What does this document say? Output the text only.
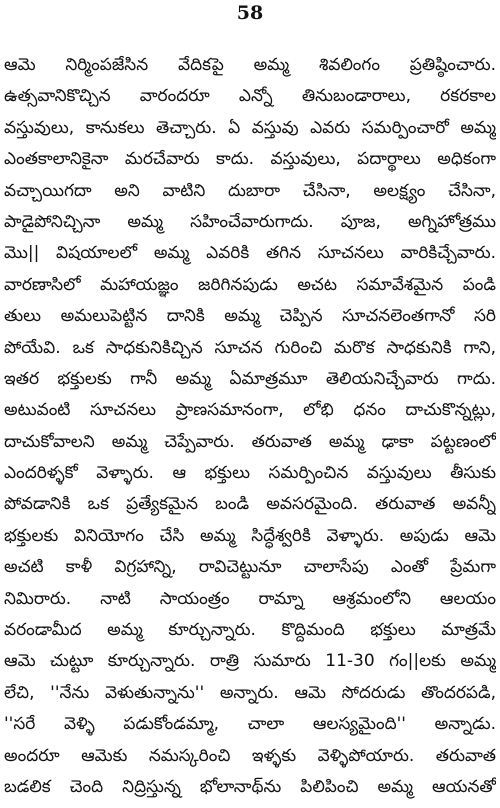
58
ఆమె నిర్మింపజేసిన వేదికపై అమ్మ శివలింగం ప్రతిష్ఠించారు.
ఉత్సవానికొచ్చిన వారందరూ ఎన్నో తినుబండారాలు, రకరకాల
వస్తువులు, కానుకలు తెచ్చారు. ఏ వస్తువు ఎవరు సమర్పించారో అమ్మ
ఎంతకాలానికైనా మరచేవారు కాదు. వస్తువులు, పదార్థాలు అధికంగా
వచ్చాయిగదా అని వాటిని దుబారా చేసినా, అలక్ష్యం చేసినా,
పాడైపోనిచ్చినా అమ్మ సహించేవారుగాదు. పూజ, అగ్నిహోత్రము
మొ|| విషయాలలో అమ్మ ఎవరికి తగిన సూచనలు వారికిచ్చేవారు.
వారణాసిలో మహాయజ్ఞం జరిగినపుడు అచట సమావేశమైన పండి
తులు అమలుపెట్టిన దానికి అమ్మ చెప్పిన సూచనలెంతగానో సరి
పోయేవి. ఒక సాధకునికిచ్చిన సూచన గురించి మరొక సాధకునికి గాని,
ఇతర భక్తులకు గానీ అమ్మ ఏమాత్రమూ తెలియనిచ్చేవారు గాదు.
అటువంటి సూచనలు ప్రాణసమానంగా, లోభి ధనం దాచుకొన్నట్లు,
దాచుకోవాలని అమ్మ చెప్పేవారు. తరువాత అమ్మ ఢాకా పట్టణంలో
ఎందరిళ్ళకో వెళ్ళారు. ఆ భక్తులు సమర్పించిన వస్తువులు తీసుకు
పోవడానికి ఒక ప్రత్యేకమైన బండి అవసరమైంది. తరువాత అవన్నీ
భక్తులకు వినియోగం చేసి అమ్మ సిద్ధేశ్వరికి వెళ్ళారు. అపుడు ఆమె
అచటి కాళీ విగ్రహాన్ని, రావిచెట్టునూ చాలాసేపు ఎంతో ప్రేమగా
నిమిరారు. నాటి సాయంత్రం రామ్నా ఆశ్రమంలోని ఆలయం
వరండామీద అమ్మ కూర్చున్నారు. కొద్దిమంది భక్తులు మాత్రమే
ఆమె చుట్టూ కూర్చున్నారు. రాత్రి సుమారు 11-30 గం||లకు అమ్మ
లేచి, ''నేను వెళుతున్నాను'' అన్నారు. ఆమె సోదరుడు తొందరపడి,
''సరే వెళ్ళి పడుకోండమ్మా, చాలా ఆలస్యమైంది'' అన్నాడు.
అందరూ ఆమెకు నమస్కరించి ఇళ్ళకు వెళ్ళిపోయారు. తరువాత
బడలిక చెంది నిద్రిస్తున్న భోలానాథ్‌ను పిలిపించి అమ్మ ఆయనతో
